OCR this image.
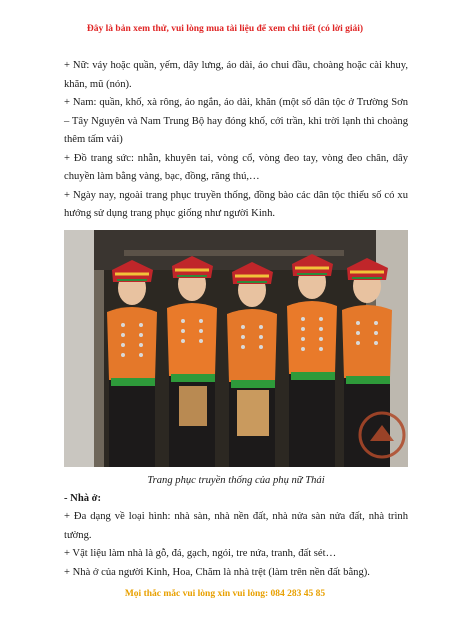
Đây là bản xem thử, vui lòng mua tài liệu để xem chi tiết (có lời giải)

+ Nữ: váy hoặc quần, yếm, dây lưng, áo dài, áo chui đầu, choàng hoặc cài khuy, khăn, mũ (nón).

+ Nam: quần, khố, xà rông, áo ngắn, áo dài, khăn (một số dân tộc ở Trường Sơn – Tây Nguyên và Nam Trung Bộ hay đóng khố, cởi trần, khi trời lạnh thì choàng thêm tấm vải)

+ Đồ trang sức: nhẫn, khuyên tai, vòng cổ, vòng đeo tay, vòng đeo chân, dây chuyền làm bằng vàng, bạc, đồng, răng thú,…

+ Ngày nay, ngoài trang phục truyền thống, đồng bào các dân tộc thiểu số có xu hướng sử dụng trang phục giống như người Kinh.

Trang phục truyền thống của phụ nữ Thái

- Nhà ở:

+ Đa dạng về loại hình: nhà sàn, nhà nền đất, nhà nửa sàn nửa đất, nhà trình tường.

+ Vật liệu làm nhà là gỗ, đá, gạch, ngói, tre nứa, tranh, đất sét…

+ Nhà ở của người Kinh, Hoa, Chăm là nhà trệt (làm trên nền đất bằng).

Mọi thắc mắc vui lòng xin vui lòng: 084 283 45 85
